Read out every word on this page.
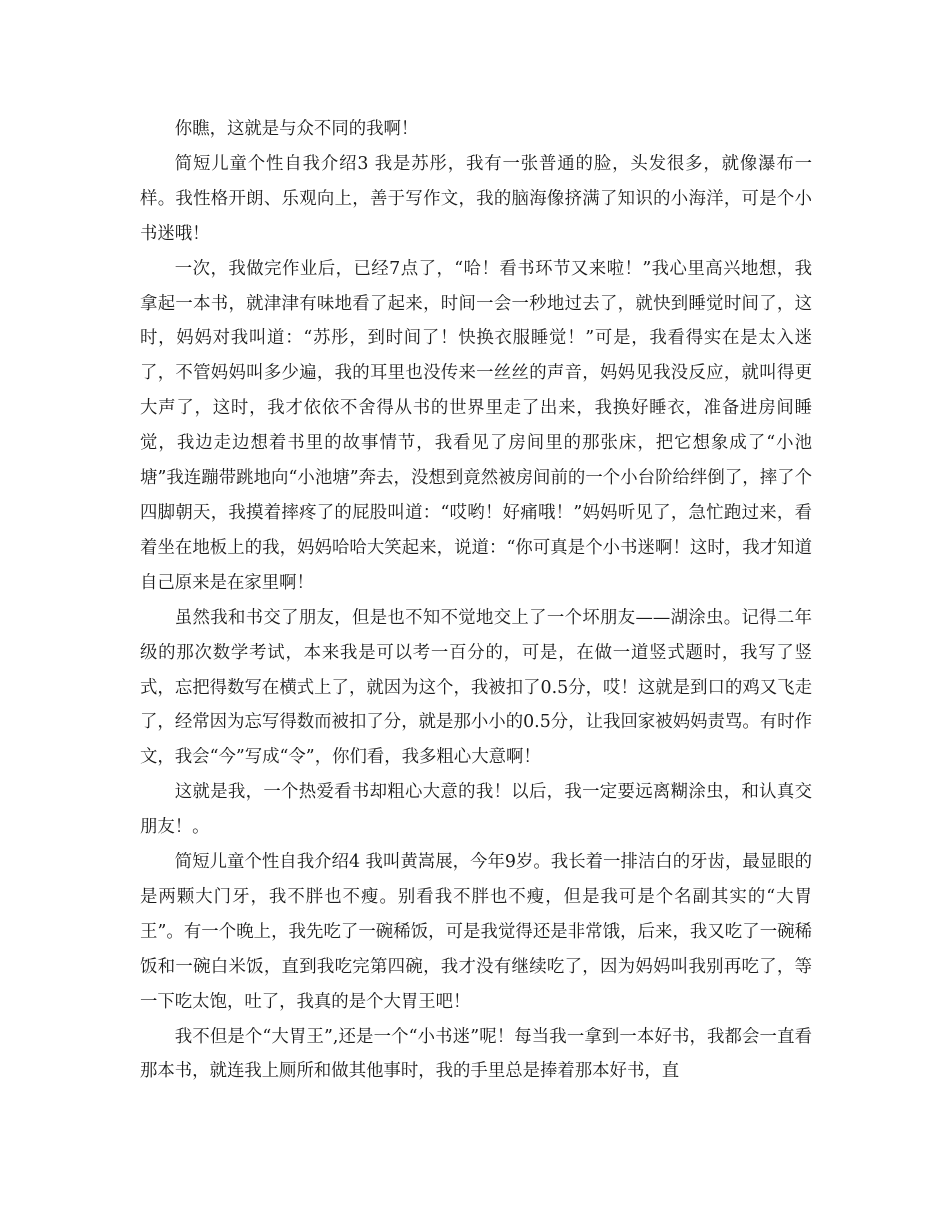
你瞧，这就是与众不同的我啊！

简短儿童个性自我介绍3 我是苏彤，我有一张普通的脸，头发很多，就像瀑布一样。我性格开朗、乐观向上，善于写作文，我的脑海像挤满了知识的小海洋，可是个小书迷哦！

一次，我做完作业后，已经7点了，“哈！看书环节又来啦！”我心里高兴地想，我拿起一本书，就津津有味地看了起来，时间一会一秒地过去了，就快到睡觉时间了，这时，妈妈对我叫道：“苏彤，到时间了！快换衣服睡觉！”可是，我看得实在是太入迷了，不管妈妈叫多少遍，我的耳里也没传来一丝丝的声音，妈妈见我没反应，就叫得更大声了，这时，我才依依不舍得从书的世界里走了出来，我换好睡衣，准备进房间睡觉，我边走边想着书里的故事情节，我看见了房间里的那张床，把它想象成了“小池塘”我连蹦带跳地向“小池塘”奔去，没想到竟然被房间前的一个小台阶给绊倒了，摔了个四脚朝天，我摸着摔疼了的屁股叫道：“哎哟！好痛哦！”妈妈听见了，急忙跑过来，看着坐在地板上的我，妈妈哈哈大笑起来，说道：“你可真是个小书迷啊！这时，我才知道自己原来是在家里啊！

虽然我和书交了朋友，但是也不知不觉地交上了一个坏朋友——湖涂虫。记得二年级的那次数学考试，本来我是可以考一百分的，可是，在做一道竖式题时，我写了竖式，忘把得数写在横式上了，就因为这个，我被扣了0.5分，哎！这就是到口的鸡又飞走了，经常因为忘写得数而被扣了分，就是那小小的0.5分，让我回家被妈妈责骂。有时作文，我会“今”写成“令”，你们看，我多粗心大意啊！

这就是我，一个热爱看书却粗心大意的我！以后，我一定要远离糊涂虫，和认真交朋友！。

简短儿童个性自我介绍4 我叫黄嵩展，今年9岁。我长着一排洁白的牙齿，最显眼的是两颗大门牙，我不胖也不瘦。别看我不胖也不瘦，但是我可是个名副其实的“大胃王”。有一个晚上，我先吃了一碗稀饭，可是我觉得还是非常饿，后来，我又吃了一碗稀饭和一碗白米饭，直到我吃完第四碗，我才没有继续吃了，因为妈妈叫我别再吃了，等一下吃太饱，吐了，我真的是个大胃王吧！

我不但是个“大胃王”,还是一个“小书迷”呢！每当我一拿到一本好书，我都会一直看那本书，就连我上厕所和做其他事时，我的手里总是捧着那本好书，直
